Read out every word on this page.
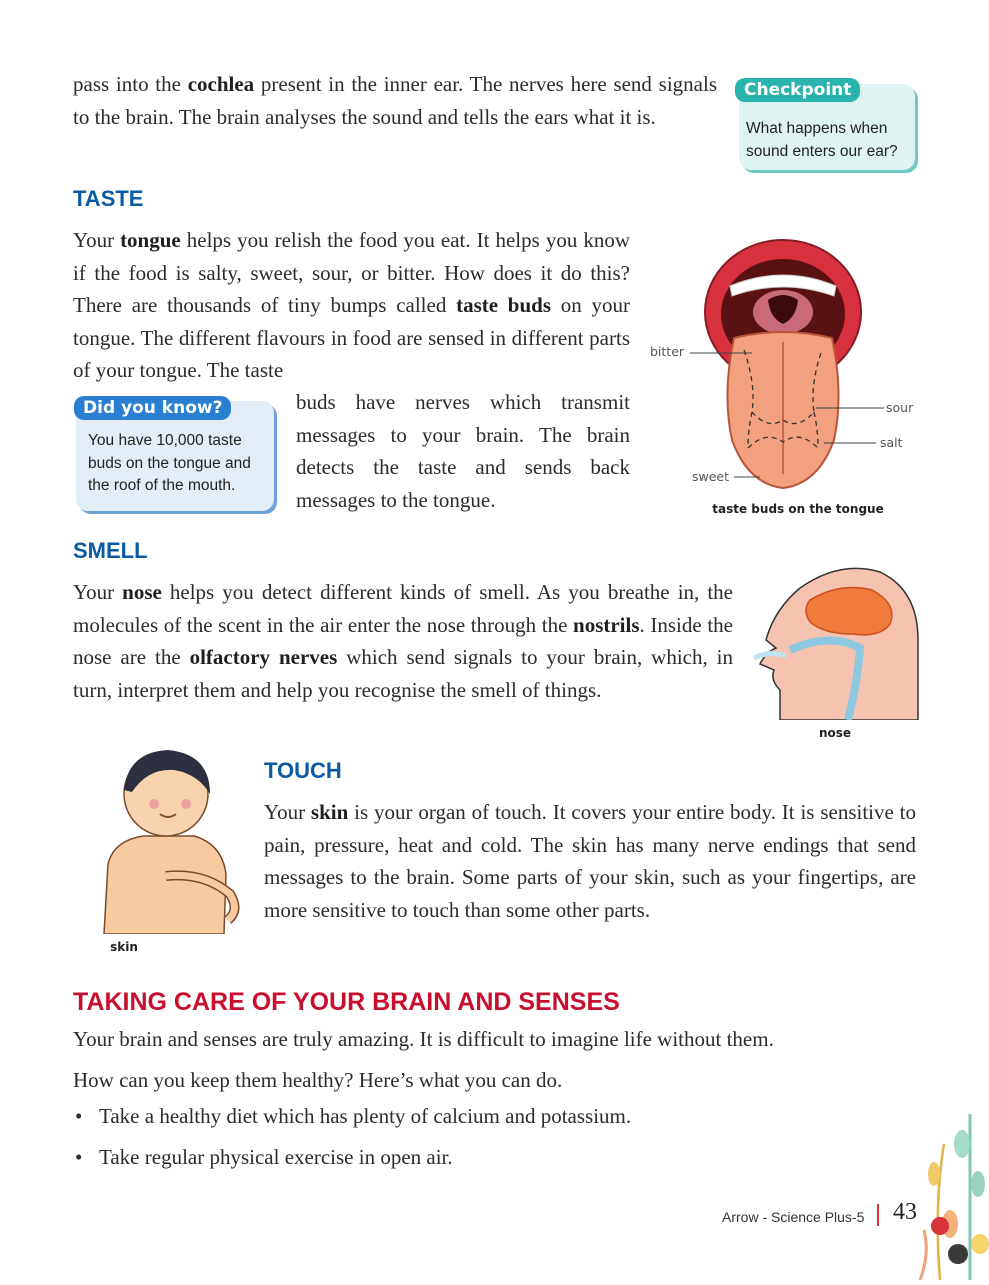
pass into the cochlea present in the inner ear. The nerves here send signals to the brain. The brain analyses the sound and tells the ears what it is.
Checkpoint
What happens when sound enters our ear?
TASTE
Your tongue helps you relish the food you eat. It helps you know if the food is salty, sweet, sour, or bitter. How does it do this? There are thousands of tiny bumps called taste buds on your tongue. The different flavours in food are sensed in different parts of your tongue. The taste
Did you know?
You have 10,000 taste buds on the tongue and the roof of the mouth.
buds have nerves which transmit messages to your brain. The brain detects the taste and sends back messages to the tongue.
bitter
sour
salt
sweet
taste buds on the tongue
SMELL
Your nose helps you detect different kinds of smell. As you breathe in, the molecules of the scent in the air enter the nose through the nostrils. Inside the nose are the olfactory nerves which send signals to your brain, which, in turn, interpret them and help you recognise the smell of things.
nose
skin
TOUCH
Your skin is your organ of touch. It covers your entire body. It is sensitive to pain, pressure, heat and cold. The skin has many nerve endings that send messages to the brain. Some parts of your skin, such as your fingertips, are more sensitive to touch than some other parts.
TAKING CARE OF YOUR BRAIN AND SENSES
Your brain and senses are truly amazing. It is difficult to imagine life without them.
How can you keep them healthy? Here’s what you can do.
• Take a healthy diet which has plenty of calcium and potassium.
• Take regular physical exercise in open air.
Arrow - Science Plus-5 43
